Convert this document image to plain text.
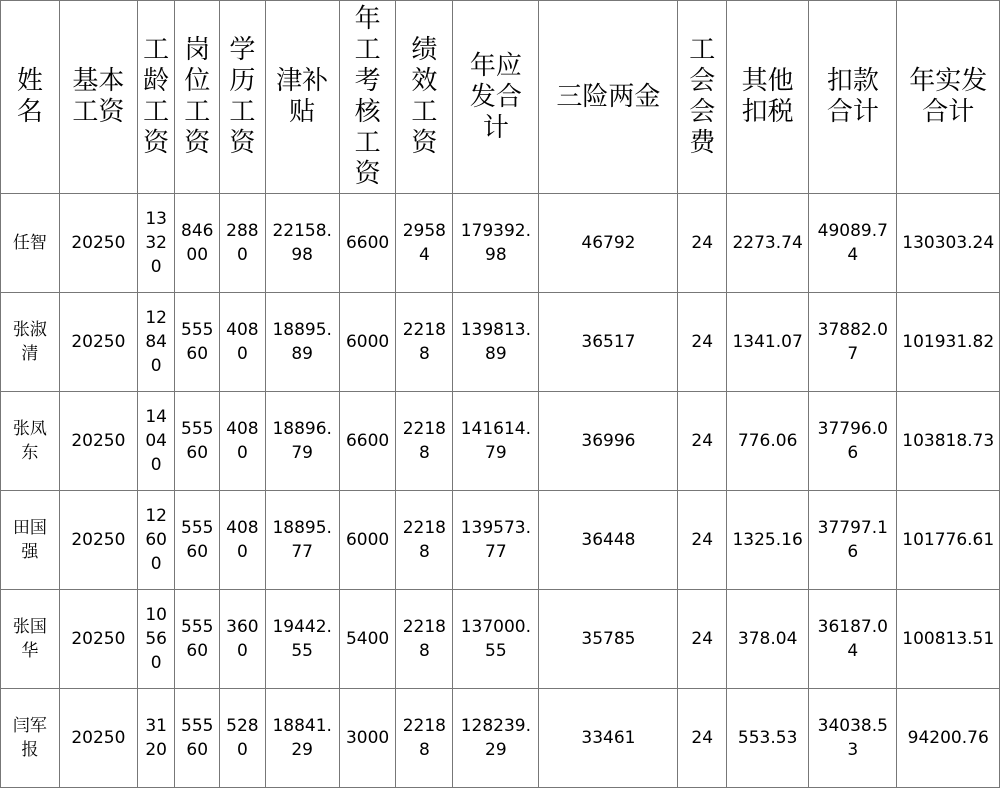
姓名	基本工资	工龄工资	岗位工资	学历工资	津补贴	年工考核工资	绩效工资	年应发合计	三险两金	工会会费	其他扣税	扣款合计	年实发合计
任智	20250	13320	84600	2880	22158.98	6600	29584	179392.98	46792	24	2273.74	49089.74	130303.24
张淑清	20250	12840	55560	4080	18895.89	6000	22188	139813.89	36517	24	1341.07	37882.07	101931.82
张凤东	20250	14040	55560	4080	18896.79	6600	22188	141614.79	36996	24	776.06	37796.06	103818.73
田国强	20250	12600	55560	4080	18895.77	6000	22188	139573.77	36448	24	1325.16	37797.16	101776.61
张国华	20250	10560	55560	3600	19442.55	5400	22188	137000.55	35785	24	378.04	36187.04	100813.51
闫军报	20250	3120	55560	5280	18841.29	3000	22188	128239.29	33461	24	553.53	34038.53	94200.76
